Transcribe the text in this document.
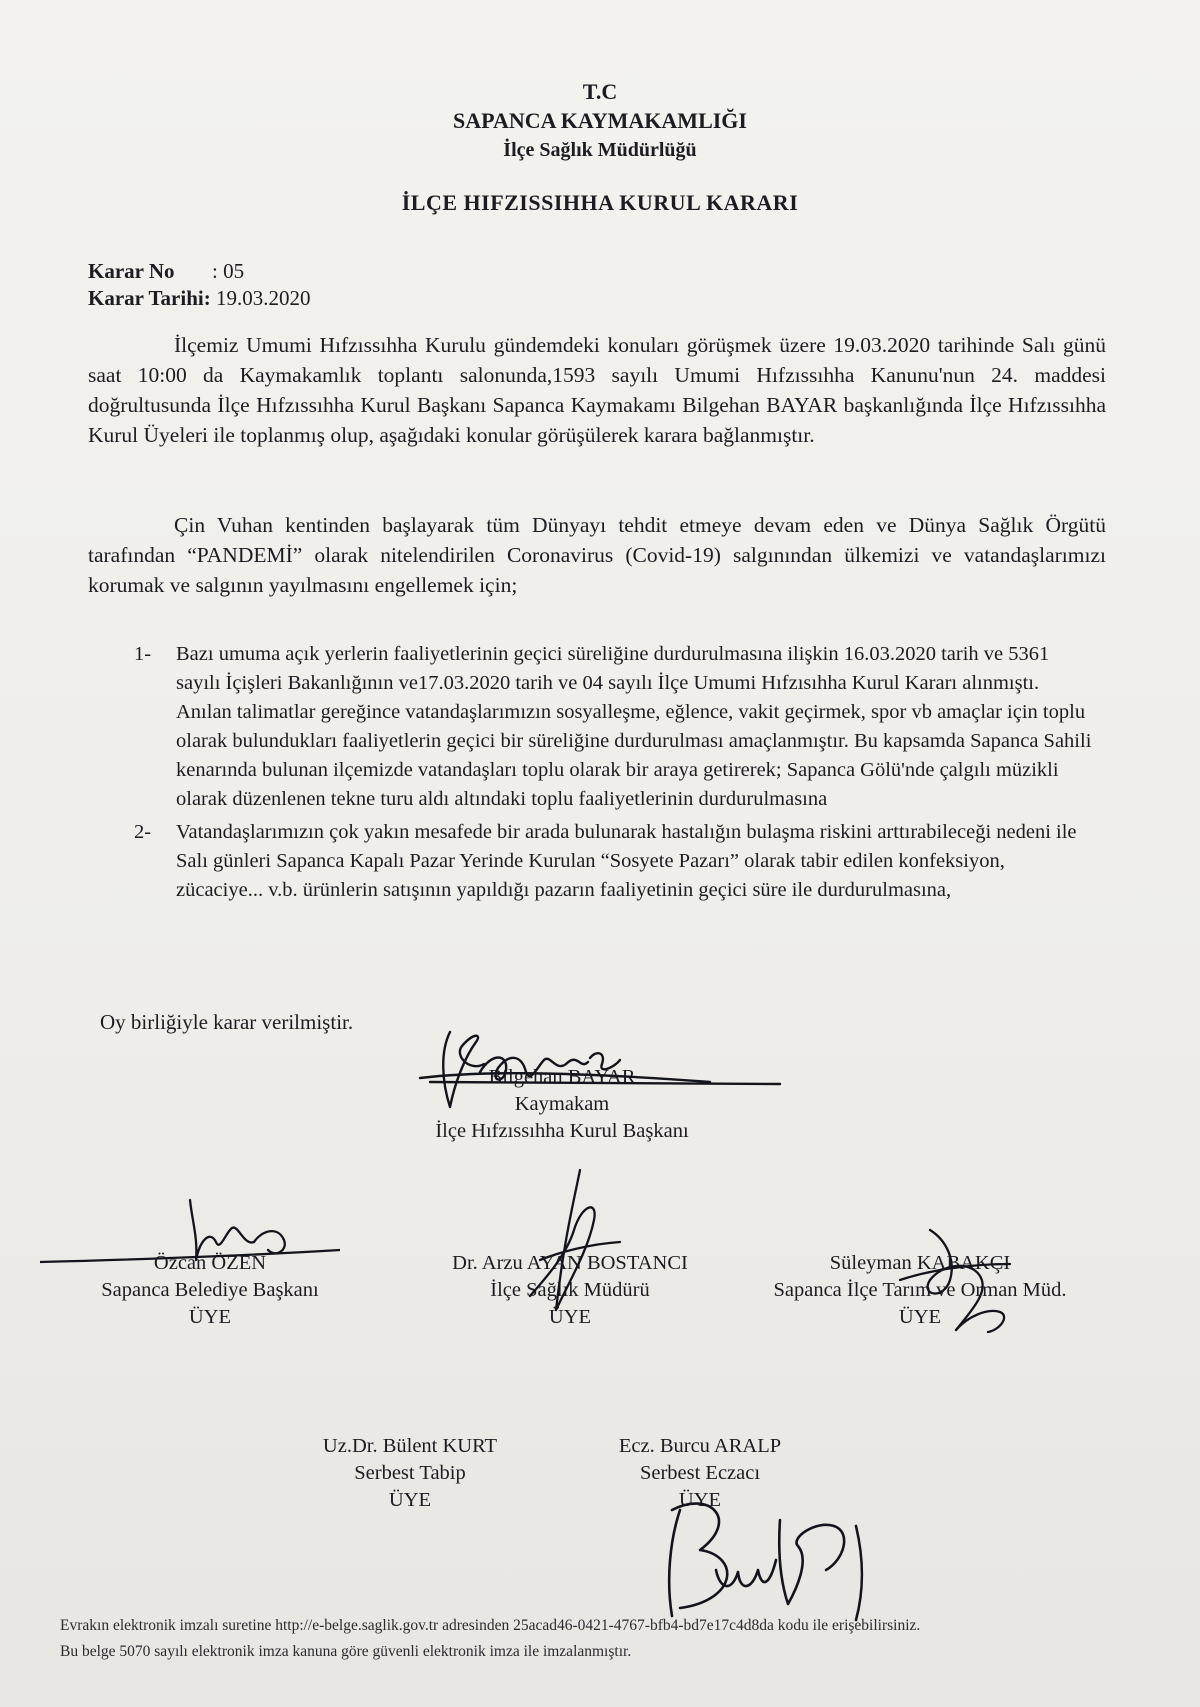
T.C
SAPANCA KAYMAKAMLIĞI
İlçe Sağlık Müdürlüğü
İLÇE HIFZISSIHHA KURUL KARARI
Karar No : 05
Karar Tarihi: 19.03.2020

İlçemiz Umumi Hıfzıssıhha Kurulu gündemdeki konuları görüşmek üzere 19.03.2020 tarihinde Salı günü saat 10:00 da Kaymakamlık toplantı salonunda,1593 sayılı Umumi Hıfzıssıhha Kanunu'nun 24. maddesi doğrultusunda İlçe Hıfzıssıhha Kurul Başkanı Sapanca Kaymakamı Bilgehan BAYAR başkanlığında İlçe Hıfzıssıhha Kurul Üyeleri ile toplanmış olup, aşağıdaki konular görüşülerek karara bağlanmıştır.

Çin Vuhan kentinden başlayarak tüm Dünyayı tehdit etmeye devam eden ve Dünya Sağlık Örgütü tarafından “PANDEMİ” olarak nitelendirilen Coronavirus (Covid-19) salgınından ülkemizi ve vatandaşlarımızı korumak ve salgının yayılmasını engellemek için;

1-	Bazı umuma açık yerlerin faaliyetlerinin geçici süreliğine durdurulmasına ilişkin 16.03.2020 tarih ve 5361 sayılı İçişleri Bakanlığının ve17.03.2020 tarih ve 04 sayılı İlçe Umumi Hıfzısıhha Kurul Kararı alınmıştı. Anılan talimatlar gereğince vatandaşlarımızın sosyalleşme, eğlence, vakit geçirmek, spor vb amaçlar için toplu olarak bulundukları faaliyetlerin geçici bir süreliğine durdurulması amaçlanmıştır. Bu kapsamda Sapanca Sahili kenarında bulunan ilçemizde vatandaşları toplu olarak bir araya getirerek; Sapanca Gölü'nde çalgılı müzikli olarak düzenlenen tekne turu aldı altındaki toplu faaliyetlerinin durdurulmasına
2-	Vatandaşlarımızın çok yakın mesafede bir arada bulunarak hastalığın bulaşma riskini arttırabileceği nedeni ile Salı günleri Sapanca Kapalı Pazar Yerinde Kurulan “Sosyete Pazarı” olarak tabir edilen konfeksiyon, zücaciye... v.b. ürünlerin satışının yapıldığı pazarın faaliyetinin geçici süre ile durdurulmasına,
Oy birliğiyle karar verilmiştir.
Bilgehan BAYAR
Kaymakam
İlçe Hıfzıssıhha Kurul Başkanı
Özcan ÖZEN
Sapanca Belediye Başkanı
ÜYE
Dr. Arzu AYAN BOSTANCI
İlçe Sağlık Müdürü
ÜYE
Süleyman KABAKÇI
Sapanca İlçe Tarım ve Orman Müd.
ÜYE
Uz.Dr. Bülent KURT
Serbest Tabip
ÜYE
Ecz. Burcu ARALP
Serbest Eczacı
ÜYE
Evrakın elektronik imzalı suretine http://e-belge.saglik.gov.tr adresinden 25acad46-0421-4767-bfb4-bd7e17c4d8da kodu ile erişebilirsiniz.
Bu belge 5070 sayılı elektronik imza kanuna göre güvenli elektronik imza ile imzalanmıştır.
